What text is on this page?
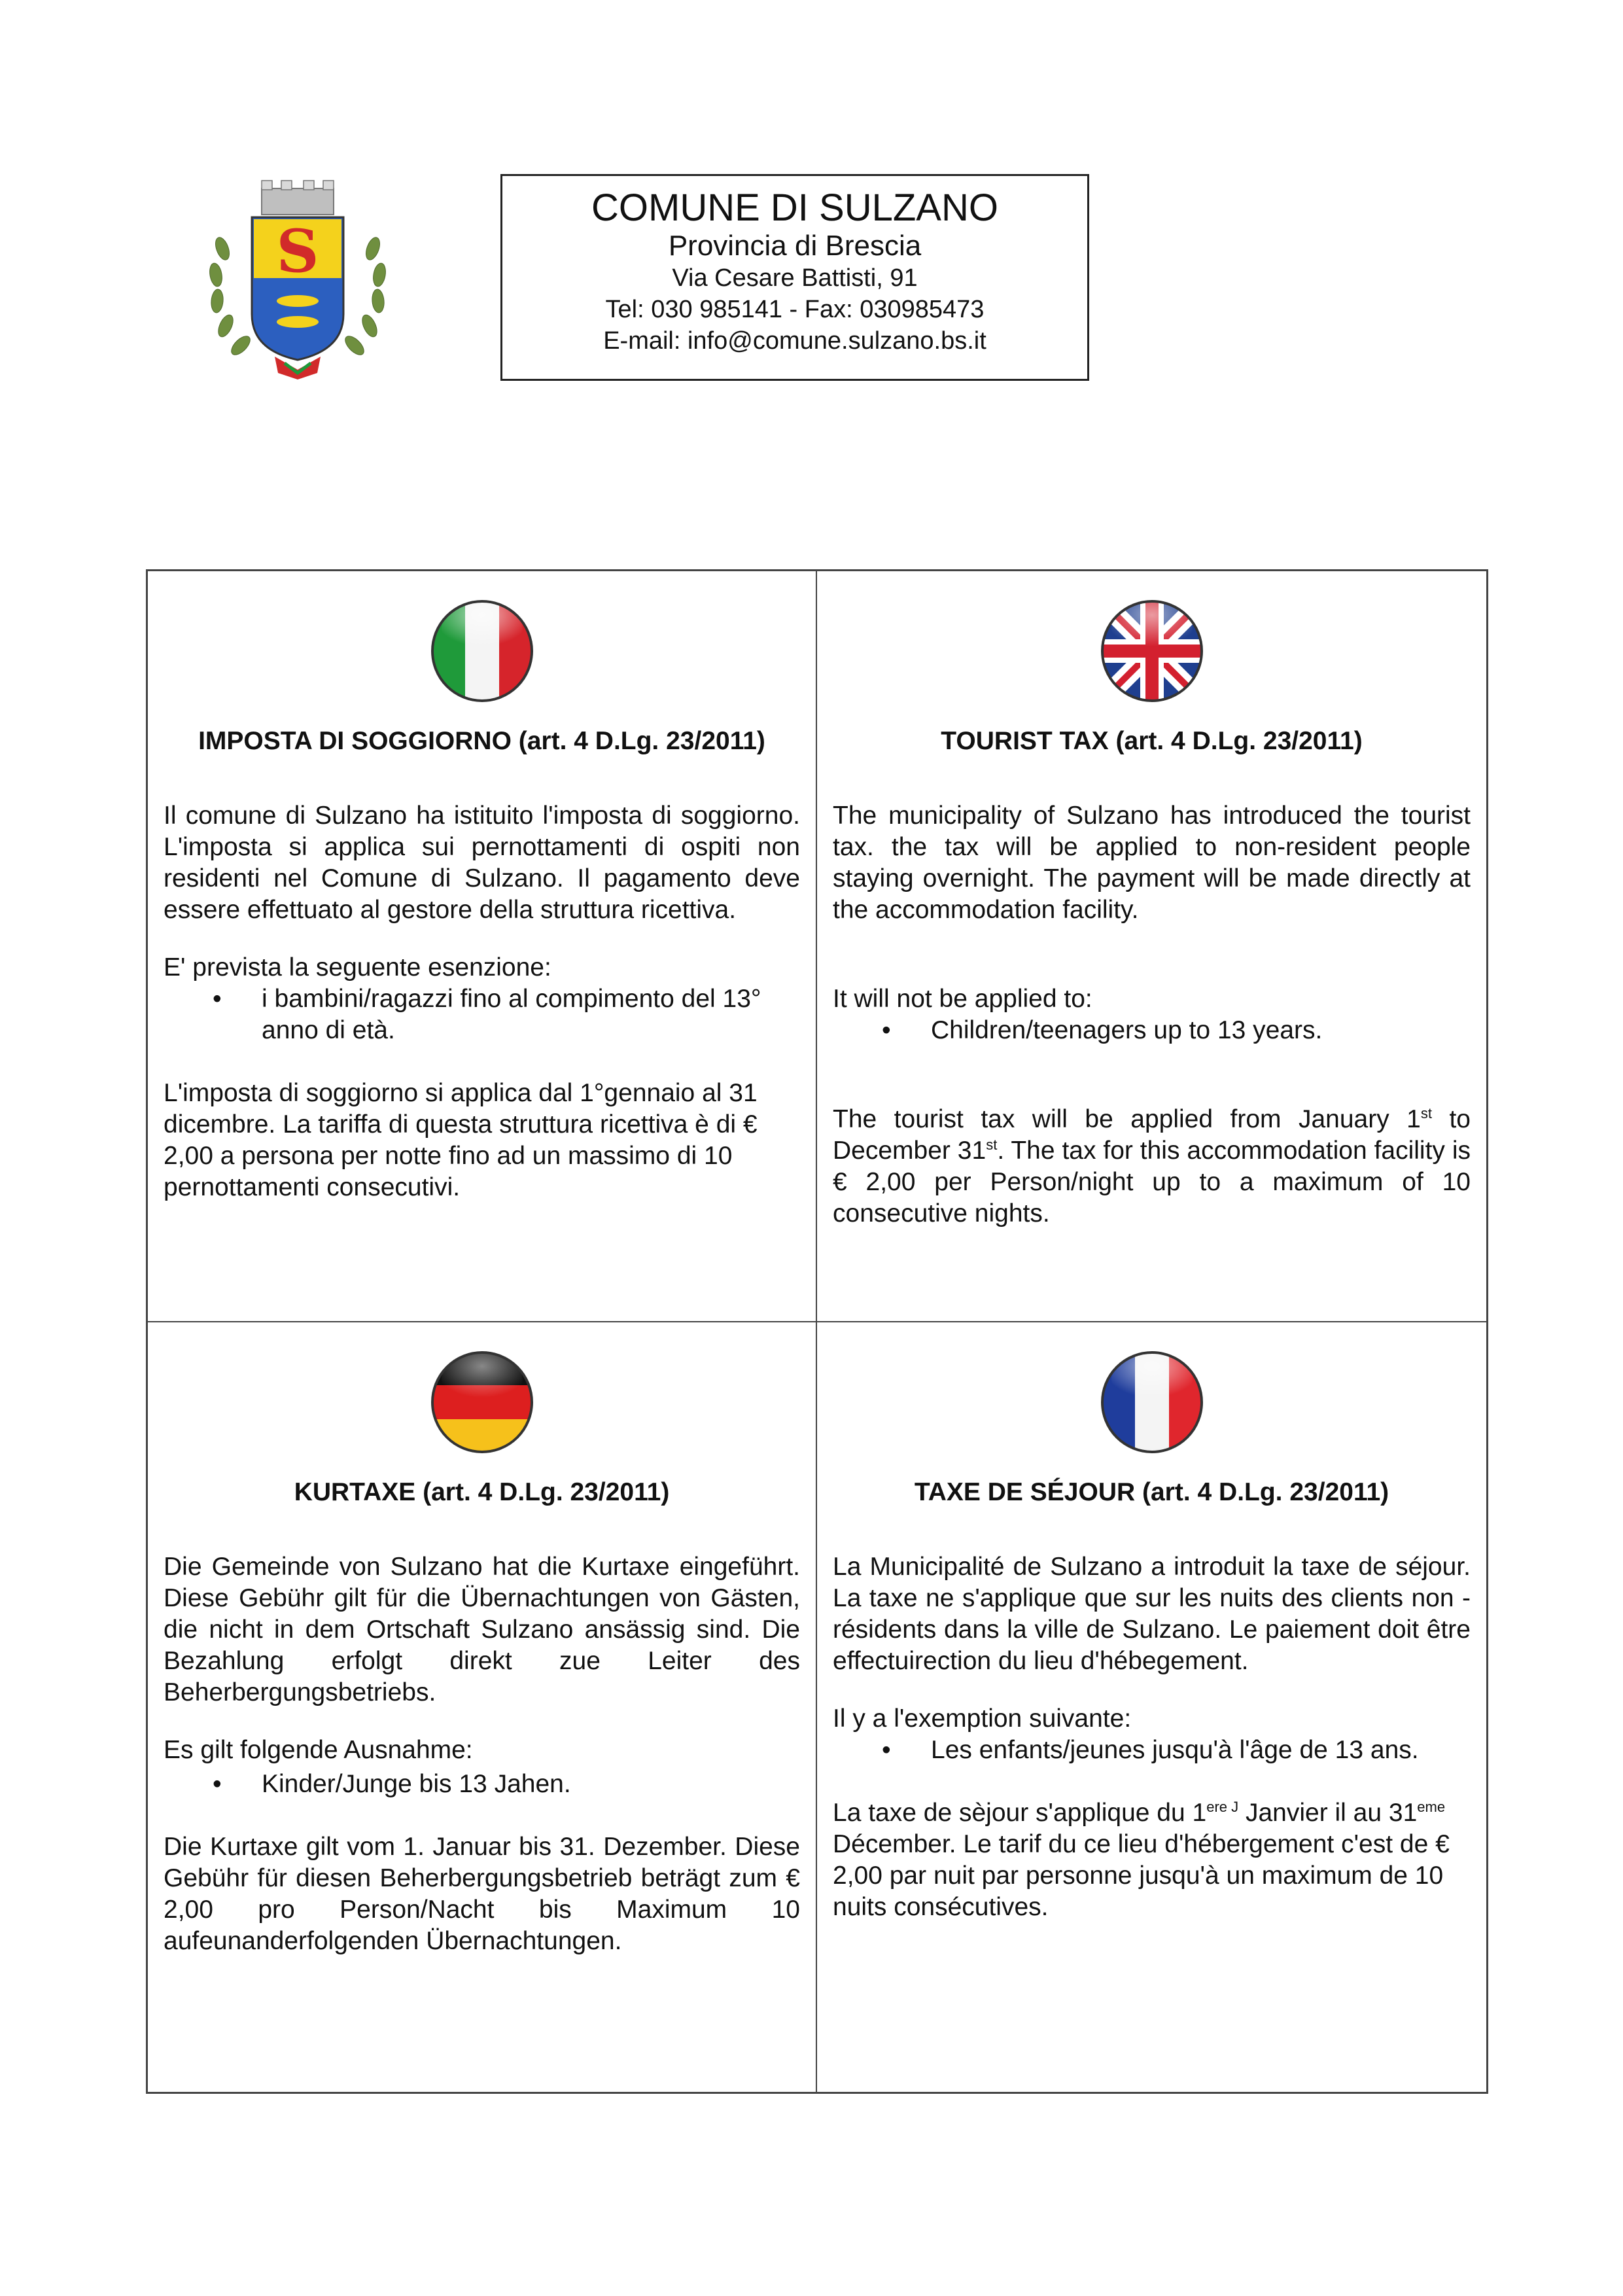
S
COMUNE DI SULZANO
Provincia di Brescia
Via Cesare Battisti, 91
Tel: 030 985141 - Fax: 030985473
E-mail: info@comune.sulzano.bs.it
IMPOSTA DI SOGGIORNO (art. 4 D.Lg. 23/2011)

Il comune di Sulzano ha istituito l'imposta di soggiorno. L'imposta si applica sui pernottamenti di ospiti non residenti nel Comune di Sulzano. Il pagamento deve essere effettuato al gestore della struttura ricettiva.

E' prevista la seguente esenzione:

• i bambini/ragazzi fino al compimento del 13° anno di età.

L'imposta di soggiorno si applica dal 1°gennaio al 31 dicembre. La tariffa di questa struttura ricettiva è di € 2,00 a persona per notte fino ad un massimo di 10 pernottamenti consecutivi.

TOURIST TAX (art. 4 D.Lg. 23/2011)

The municipality of Sulzano has introduced the tourist tax. the tax will be applied to non-resident people staying overnight. The payment will be made directly at the accommodation facility.

It will not be applied to:

• Children/teenagers up to 13 years.

The tourist tax will be applied from January 1st to December 31st. The tax for this accommodation facility is € 2,00 per Person/night up to a maximum of 10 consecutive nights.

KURTAXE (art. 4 D.Lg. 23/2011)

Die Gemeinde von Sulzano hat die Kurtaxe eingeführt. Diese Gebühr gilt für die Übernachtungen von Gästen, die nicht in dem Ortschaft Sulzano ansässig sind. Die Bezahlung erfolgt direkt zue Leiter des Beherbergungsbetriebs.

Es gilt folgende Ausnahme:

• Kinder/Junge bis 13 Jahen.

Die Kurtaxe gilt vom 1. Januar bis 31. Dezember. Diese Gebühr für diesen Beherbergungsbetrieb beträgt zum € 2,00 pro Person/Nacht bis Maximum 10 aufeunanderfolgenden Übernachtungen.

TAXE DE SÉJOUR (art. 4 D.Lg. 23/2011)

La Municipalité de Sulzano a introduit la taxe de séjour. La taxe ne s'applique que sur les nuits des clients non -résidents dans la ville de Sulzano. Le paiement doit être effectuirection du lieu d'hébegement.

Il y a l'exemption suivante:

• Les enfants/jeunes jusqu'à l'âge de 13 ans.

La taxe de sèjour s'applique du $1^{ere J}$ Janvier il au 31eme Décember. Le tarif du ce lieu d'hébergement c'est de € 2,00 par nuit par personne jusqu'à un maximum de 10 nuits consécutives.
